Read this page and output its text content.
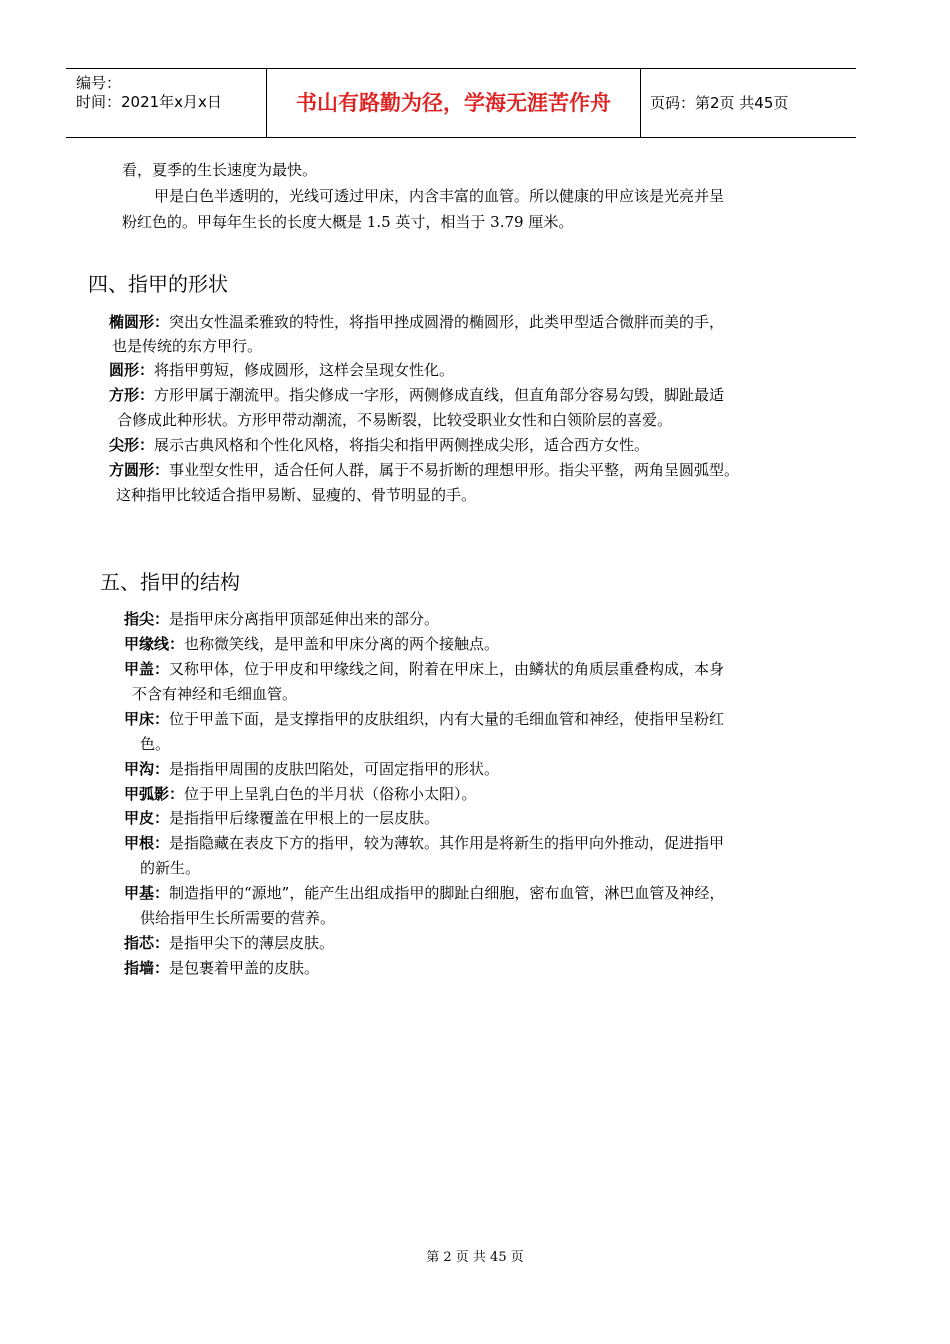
编号：
时间：2021年x月x日	书山有路勤为径，学海无涯苦作舟	页码：第2页 共45页
看，夏季的生长速度为最快。
甲是白色半透明的，光线可透过甲床，内含丰富的血管。所以健康的甲应该是光亮并呈
粉红色的。甲每年生长的长度大概是 1.5 英寸，相当于 3.79 厘米。
四、指甲的形状
椭圆形：突出女性温柔雅致的特性，将指甲挫成圆滑的椭圆形，此类甲型适合微胖而美的手，
也是传统的东方甲行。
圆形：将指甲剪短，修成圆形，这样会呈现女性化。
方形：方形甲属于潮流甲。指尖修成一字形，两侧修成直线，但直角部分容易勾毁，脚趾最适
合修成此种形状。方形甲带动潮流，不易断裂，比较受职业女性和白领阶层的喜爱。
尖形：展示古典风格和个性化风格，将指尖和指甲两侧挫成尖形，适合西方女性。
方圆形：事业型女性甲，适合任何人群，属于不易折断的理想甲形。指尖平整，两角呈圆弧型。
这种指甲比较适合指甲易断、显瘦的、骨节明显的手。
五、指甲的结构
指尖：是指甲床分离指甲顶部延伸出来的部分。
甲缘线：也称微笑线，是甲盖和甲床分离的两个接触点。
甲盖：又称甲体，位于甲皮和甲缘线之间，附着在甲床上，由鳞状的角质层重叠构成，本身
不含有神经和毛细血管。
甲床：位于甲盖下面，是支撑指甲的皮肤组织，内有大量的毛细血管和神经，使指甲呈粉红
色。
甲沟：是指指甲周围的皮肤凹陷处，可固定指甲的形状。
甲弧影：位于甲上呈乳白色的半月状（俗称小太阳）。
甲皮：是指指甲后缘覆盖在甲根上的一层皮肤。
甲根：是指隐藏在表皮下方的指甲，较为薄软。其作用是将新生的指甲向外推动，促进指甲
的新生。
甲基：制造指甲的“源地”，能产生出组成指甲的脚趾白细胞，密布血管，淋巴血管及神经，
供给指甲生长所需要的营养。
指芯：是指甲尖下的薄层皮肤。
指墙：是包裹着甲盖的皮肤。
第 2 页 共 45 页
